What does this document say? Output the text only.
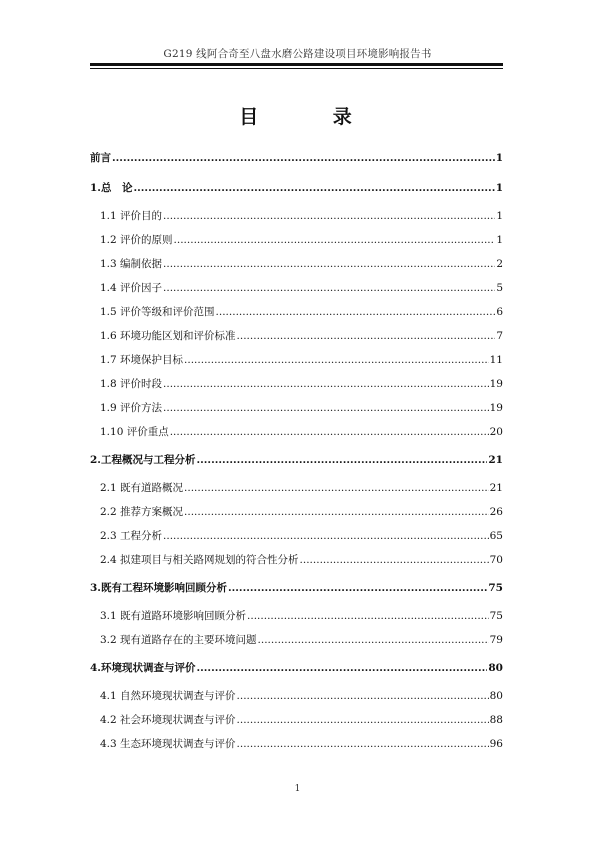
G219 线阿合奇至八盘水磨公路建设项目环境影响报告书
目 录
前言 .....	1
1.总　论 .....	1
1.1 评价目的 .....	1
1.2 评价的原则 .....	1
1.3 编制依据 .....	2
1.4 评价因子 .....	5
1.5 评价等级和评价范围 .....	6
1.6 环境功能区划和评价标准 .....	7
1.7 环境保护目标 .....	11
1.8 评价时段 .....	19
1.9 评价方法 .....	19
1.10 评价重点 .....	20
2.工程概况与工程分析 .....	21
2.1 既有道路概况 .....	21
2.2 推荐方案概况 .....	26
2.3 工程分析 .....	65
2.4 拟建项目与相关路网规划的符合性分析 .....	70
3.既有工程环境影响回顾分析 .....	75
3.1 既有道路环境影响回顾分析 .....	75
3.2 现有道路存在的主要环境问题 .....	79
4.环境现状调查与评价 .....	80
4.1 自然环境现状调查与评价 .....	80
4.2 社会环境现状调查与评价 .....	88
4.3 生态环境现状调查与评价 .....	96
1
